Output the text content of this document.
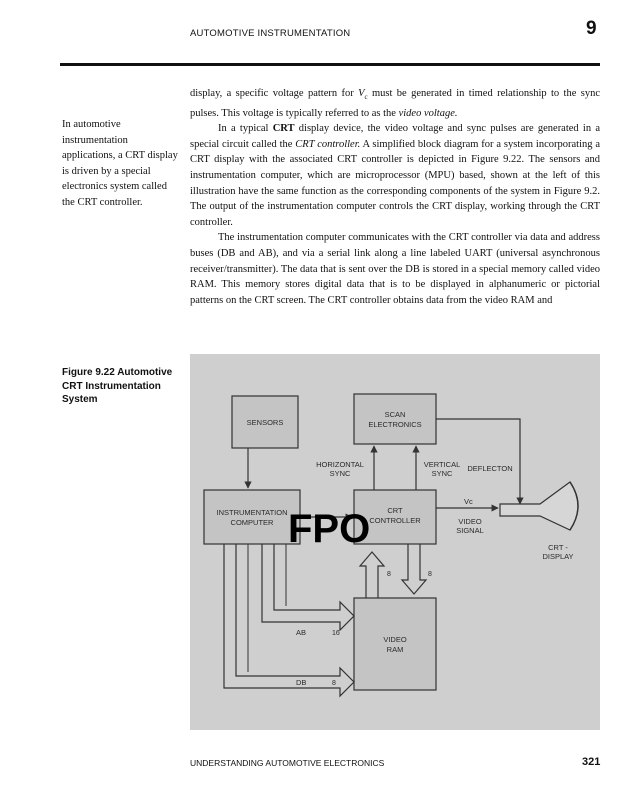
AUTOMOTIVE INSTRUMENTATION	9
In automotive instrumentation applications, a CRT display is driven by a special electronics system called the CRT controller.

display, a specific voltage pattern for $V_c$ must be generated in timed relationship to the sync pulses. This voltage is typically referred to as the video voltage.

In a typical CRT display device, the video voltage and sync pulses are generated in a special circuit called the CRT controller. A simplified block diagram for a system incorporating a CRT display with the associated CRT controller is depicted in Figure 9.22. The sensors and instrumentation computer, which are microprocessor (MPU) based, shown at the left of this illustration have the same function as the corresponding components of the system in Figure 9.2. The output of the instrumentation computer controls the CRT display, working through the CRT controller.

The instrumentation computer communicates with the CRT controller via data and address buses (DB and AB), and via a serial link along a line labeled UART (universal asynchronous receiver/transmitter). The data that is sent over the DB is stored in a special memory called video RAM. This memory stores digital data that is to be displayed in alphanumeric or pictorial patterns on the CRT screen. The CRT controller obtains data from the video RAM and

Figure 9.22 Automotive CRT Instrumentation System
SENSORS
SCAN
ELECTRONICS
INSTRUMENTATION
COMPUTER
CRT
CONTROLLER
VIDEO
RAM
HORIZONTAL
SYNC
VERTICAL
SYNC
DEFLECTON
Vc
VIDEO
SIGNAL
CRT -
DISPLAY
8	8
AB	16
DB	8
FPO
UNDERSTANDING AUTOMOTIVE ELECTRONICS	321
